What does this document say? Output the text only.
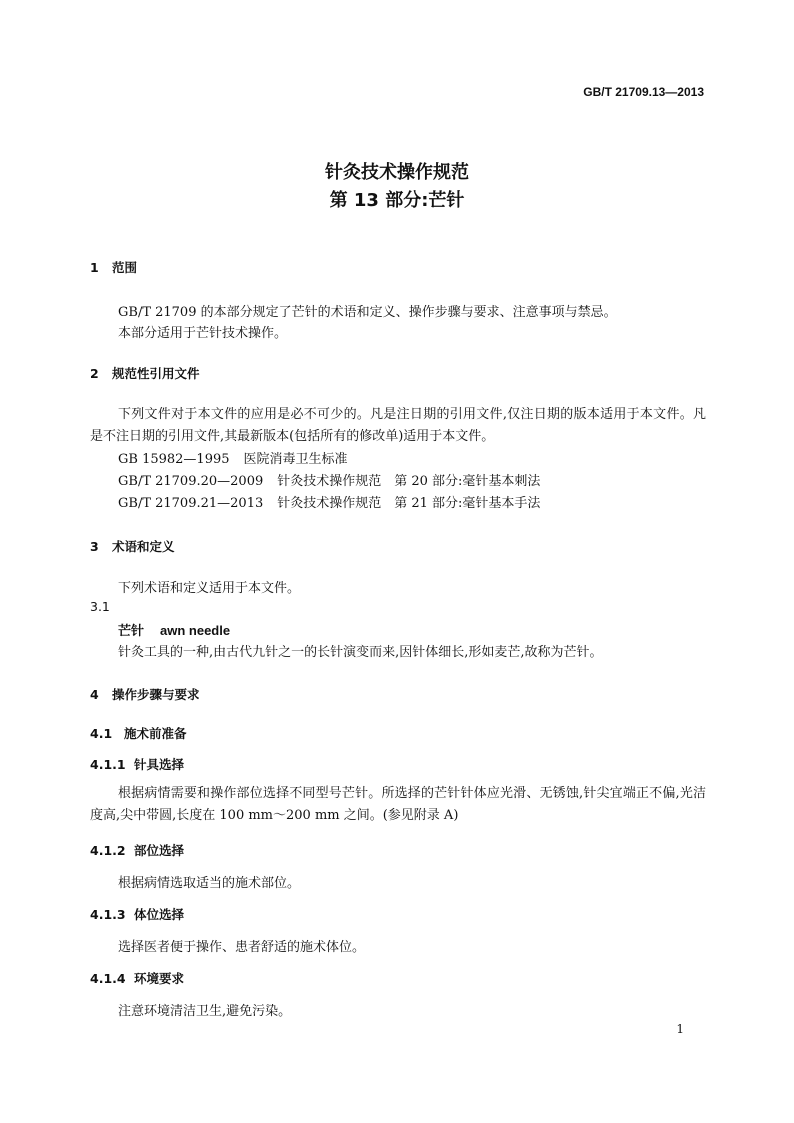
GB/T 21709.13—2013
针灸技术操作规范
第 13 部分:芒针
1 范围
GB/T 21709 的本部分规定了芒针的术语和定义、操作步骤与要求、注意事项与禁忌。
本部分适用于芒针技术操作。
2 规范性引用文件
下列文件对于本文件的应用是必不可少的。凡是注日期的引用文件,仅注日期的版本适用于本文件。凡是不注日期的引用文件,其最新版本(包括所有的修改单)适用于本文件。
GB 15982—1995 医院消毒卫生标准
GB/T 21709.20—2009 针灸技术操作规范　第 20 部分:毫针基本刺法
GB/T 21709.21—2013 针灸技术操作规范　第 21 部分:毫针基本手法
3 术语和定义
下列术语和定义适用于本文件。
3.1
芒针 awn needle
针灸工具的一种,由古代九针之一的长针演变而来,因针体细长,形如麦芒,故称为芒针。
4 操作步骤与要求
4.1 施术前准备
4.1.1 针具选择
根据病情需要和操作部位选择不同型号芒针。所选择的芒针针体应光滑、无锈蚀,针尖宜端正不偏,光洁度高,尖中带圆,长度在 100 mm～200 mm 之间。(参见附录 A)
4.1.2 部位选择
根据病情选取适当的施术部位。
4.1.3 体位选择
选择医者便于操作、患者舒适的施术体位。
4.1.4 环境要求
注意环境清洁卫生,避免污染。
1
